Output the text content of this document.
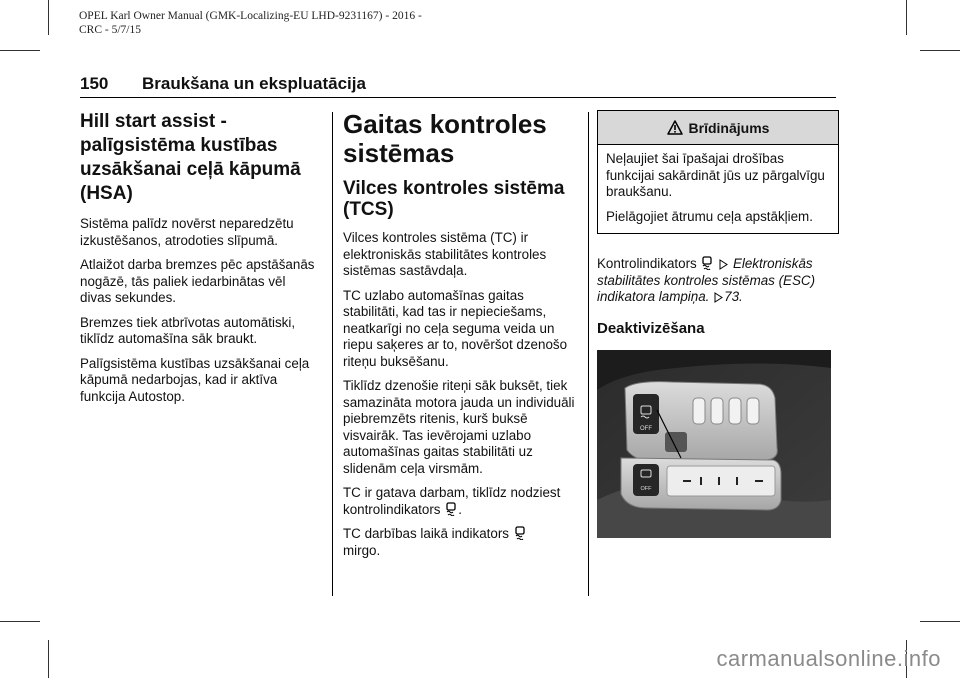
OPEL Karl Owner Manual (GMK-Localizing-EU LHD-9231167) - 2016 -
CRC - 5/7/15
150 Braukšana un ekspluatācija
Hill start assist - palīgsistēma kustības uzsākšanai ceļā kāpumā (HSA)

Sistēma palīdz novērst neparedzētu izkustēšanos, atrodoties slīpumā.

Atlaižot darba bremzes pēc apstāšanās nogāzē, tās paliek iedarbinātas vēl divas sekundes.

Bremzes tiek atbrīvotas automātiski, tiklīdz automašīna sāk braukt.

Palīgsistēma kustības uzsākšanai ceļa kāpumā nedarbojas, kad ir aktīva funkcija Autostop.

Gaitas kontroles sistēmas
Vilces kontroles sistēma (TCS)

Vilces kontroles sistēma (TC) ir elektroniskās stabilitātes kontroles sistēmas sastāvdaļa.

TC uzlabo automašīnas gaitas stabilitāti, kad tas ir nepieciešams, neatkarīgi no ceļa seguma veida un riepu saķeres ar to, novēršot dzenošo riteņu buksēšanu.

Tiklīdz dzenošie riteņi sāk buksēt, tiek samazināta motora jauda un individuāli piebremzēts ritenis, kurš buksē visvairāk. Tas ievērojami uzlabo automašīnas gaitas stabilitāti uz slidenām ceļa virsmām.

TC ir gatava darbam, tiklīdz nodziest kontrolindikators .

TC darbības laikā indikators
mirgo.

Brīdinājums

Neļaujiet šai īpašajai drošības funkcijai sakārdināt jūs uz pārgalvīgu braukšanu.

Pielāgojiet ātrumu ceļa apstākļiem.

Kontrolindikators	Elektroniskās stabilitātes kontroles sistēmas (ESC) indikatora lampiņa. 73.

Deaktivizēšana
OFF
OFF
carmanualsonline.info
